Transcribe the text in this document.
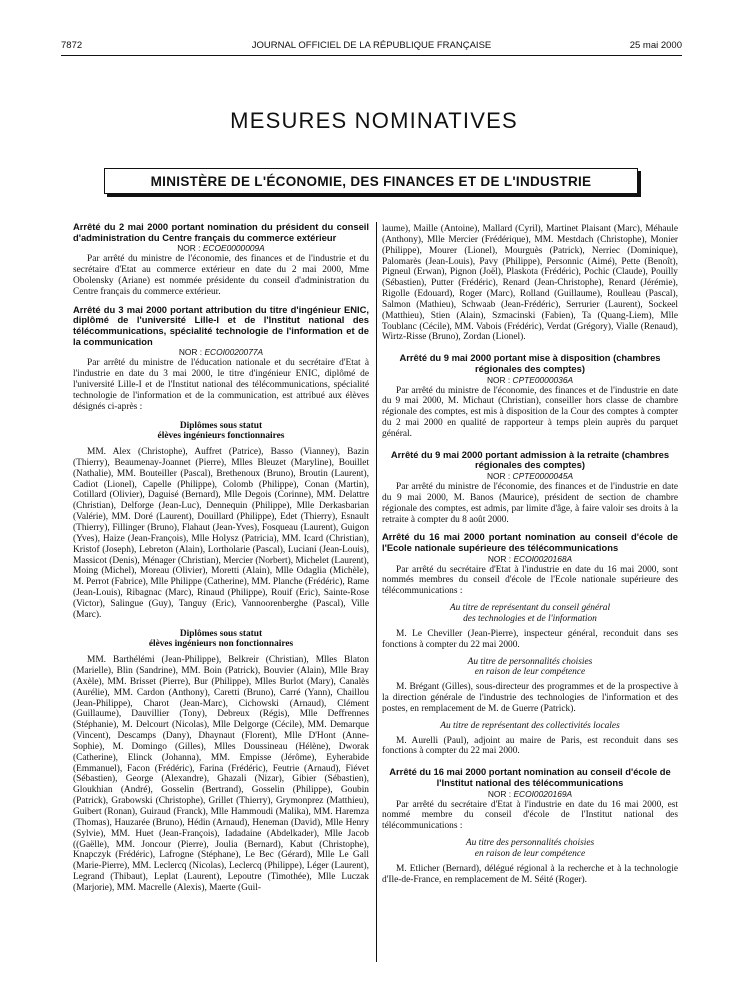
7872	JOURNAL OFFICIEL DE LA RÉPUBLIQUE FRANÇAISE	25 mai 2000
MESURES NOMINATIVES
MINISTÈRE DE L'ÉCONOMIE, DES FINANCES ET DE L'INDUSTRIE

Arrêté du 2 mai 2000 portant nomination du président du conseil d'administration du Centre français du commerce extérieur

NOR : ECOE0000009A

Par arrêté du ministre de l'économie, des finances et de l'industrie et du secrétaire d'Etat au commerce extérieur en date du 2 mai 2000, Mme Obolensky (Ariane) est nommée présidente du conseil d'administration du Centre français du commerce extérieur.

Arrêté du 3 mai 2000 portant attribution du titre d'ingénieur ENIC, diplômé de l'université Lille-I et de l'Institut national des télécommunications, spécialité technologie de l'information et de la communication

NOR : ECOI0020077A

Par arrêté du ministre de l'éducation nationale et du secrétaire d'Etat à l'industrie en date du 3 mai 2000, le titre d'ingénieur ENIC, diplômé de l'université Lille-I et de l'Institut national des télécommunications, spécialité technologie de l'information et de la communication, est attribué aux élèves désignés ci-après :

Diplômes sous statut
élèves ingénieurs fonctionnaires

MM. Alex (Christophe), Auffret (Patrice), Basso (Vianney), Bazin (Thierry), Beaumenay-Joannet (Pierre), Mlles Bleuzet (Maryline), Bouillet (Nathalie), MM. Bouteiller (Pascal), Brethenoux (Bruno), Broutin (Laurent), Cadiot (Lionel), Capelle (Philippe), Colomb (Philippe), Conan (Martin), Cotillard (Olivier), Daguisé (Bernard), Mlle Degois (Corinne), MM. Delattre (Christian), Delforge (Jean-Luc), Dennequin (Philippe), Mlle Derkasbarian (Valérie), MM. Doré (Laurent), Douillard (Philippe), Edet (Thierry), Esnault (Thierry), Fillinger (Bruno), Flahaut (Jean-Yves), Fosqueau (Laurent), Guigon (Yves), Haize (Jean-François), Mlle Holysz (Patricia), MM. Icard (Christian), Kristof (Joseph), Lebreton (Alain), Lortholarie (Pascal), Luciani (Jean-Louis), Massicot (Denis), Ménager (Christian), Mercier (Norbert), Michelet (Laurent), Moing (Michel), Moreau (Olivier), Moretti (Alain), Mlle Odaglia (Michèle), M. Perrot (Fabrice), Mlle Philippe (Catherine), MM. Planche (Frédéric), Rame (Jean-Louis), Ribagnac (Marc), Rinaud (Philippe), Rouif (Eric), Sainte-Rose (Victor), Salingue (Guy), Tanguy (Eric), Vannoorenberghe (Pascal), Ville (Marc).

Diplômes sous statut
élèves ingénieurs non fonctionnaires

MM. Barthélémi (Jean-Philippe), Belkreir (Christian), Mlles Blaton (Marielle), Blin (Sandrine), MM. Boin (Patrick), Bouvier (Alain), Mlle Bray (Axèle), MM. Brisset (Pierre), Bur (Philippe), Mlles Burlot (Mary), Canalès (Aurélie), MM. Cardon (Anthony), Caretti (Bruno), Carré (Yann), Chaillou (Jean-Philippe), Charot (Jean-Marc), Cichowski (Arnaud), Clément (Guillaume), Dauvillier (Tony), Debreux (Régis), Mlle Deffrennes (Stéphanie), M. Delcourt (Nicolas), Mlle Delgorge (Cécile), MM. Demarque (Vincent), Descamps (Dany), Dhaynaut (Florent), Mlle D'Hont (Anne-Sophie), M. Domingo (Gilles), Mlles Doussineau (Hélène), Dworak (Catherine), Elinck (Johanna), MM. Empisse (Jérôme), Eyherabide (Emmanuel), Facon (Frédéric), Farina (Frédéric), Feutrie (Arnaud), Fiévet (Sébastien), George (Alexandre), Ghazali (Nizar), Gibier (Sébastien), Gloukhian (André), Gosselin (Bertrand), Gosselin (Philippe), Goubin (Patrick), Grabowski (Christophe), Grillet (Thierry), Grymonprez (Matthieu), Guibert (Ronan), Guiraud (Franck), Mlle Hammoudi (Malika), MM. Haremza (Thomas), Hauzarée (Bruno), Hédin (Arnaud), Heneman (David), Mlle Henry (Sylvie), MM. Huet (Jean-François), Iadadaine (Abdelkader), Mlle Jacob ((Gaëlle), MM. Joncour (Pierre), Joulia (Bernard), Kabut (Christophe), Knapczyk (Frédéric), Lafrogne (Stéphane), Le Bec (Gérard), Mlle Le Gall (Marie-Pierre), MM. Leclercq (Nicolas), Leclercq (Philippe), Léger (Laurent), Legrand (Thibaut), Leplat (Laurent), Lepoutre (Timothée), Mlle Luczak (Marjorie), MM. Macrelle (Alexis), Maerte (Guil-

laume), Maille (Antoine), Mallard (Cyril), Martinet Plaisant (Marc), Méhaule (Anthony), Mlle Mercier (Frédérique), MM. Mestdach (Christophe), Monier (Philippe), Mourer (Lionel), Mourguès (Patrick), Nerriec (Dominique), Palomarès (Jean-Louis), Pavy (Philippe), Personnic (Aimé), Pette (Benoît), Pigneul (Erwan), Pignon (Joël), Plaskota (Frédéric), Pochic (Claude), Pouilly (Sébastien), Putter (Frédéric), Renard (Jean-Christophe), Renard (Jérémie), Rigolle (Edouard), Roger (Marc), Rolland (Guillaume), Roulleau (Pascal), Salmon (Mathieu), Schwaab (Jean-Frédéric), Serrurier (Laurent), Sockeel (Matthieu), Stien (Alain), Szmacinski (Fabien), Ta (Quang-Liem), Mlle Toublanc (Cécile), MM. Vabois (Frédéric), Verdat (Grégory), Vialle (Renaud), Wirtz-Risse (Bruno), Zordan (Lionel).

Arrêté du 9 mai 2000 portant mise à disposition (chambres régionales des comptes)

NOR : CPTE0000036A

Par arrêté du ministre de l'économie, des finances et de l'industrie en date du 9 mai 2000, M. Michaut (Christian), conseiller hors classe de chambre régionale des comptes, est mis à disposition de la Cour des comptes à compter du 2 mai 2000 en qualité de rapporteur à temps plein auprès du parquet général.

Arrêté du 9 mai 2000 portant admission à la retraite (chambres régionales des comptes)

NOR : CPTE0000045A

Par arrêté du ministre de l'économie, des finances et de l'industrie en date du 9 mai 2000, M. Banos (Maurice), président de section de chambre régionale des comptes, est admis, par limite d'âge, à faire valoir ses droits à la retraite à compter du 8 août 2000.

Arrêté du 16 mai 2000 portant nomination au conseil d'école de l'Ecole nationale supérieure des télécommunications

NOR : ECOI0020168A

Par arrêté du secrétaire d'Etat à l'industrie en date du 16 mai 2000, sont nommés membres du conseil d'école de l'Ecole nationale supérieure des télécommunications :

Au titre de représentant du conseil général
des technologies et de l'information

M. Le Cheviller (Jean-Pierre), inspecteur général, reconduit dans ses fonctions à compter du 22 mai 2000.

Au titre de personnalités choisies
en raison de leur compétence

M. Brégant (Gilles), sous-directeur des programmes et de la prospective à la direction générale de l'industrie des technologies de l'information et des postes, en remplacement de M. de Guerre (Patrick).

Au titre de représentant des collectivités locales

M. Aurelli (Paul), adjoint au maire de Paris, est reconduit dans ses fonctions à compter du 22 mai 2000.

Arrêté du 16 mai 2000 portant nomination au conseil d'école de l'Institut national des télécommunications

NOR : ECOI0020169A

Par arrêté du secrétaire d'Etat à l'industrie en date du 16 mai 2000, est nommé membre du conseil d'école de l'Institut national des télécommunications :

Au titre des personnalités choisies
en raison de leur compétence

M. Etlicher (Bernard), délégué régional à la recherche et à la technologie d'Ile-de-France, en remplacement de M. Séité (Roger).
